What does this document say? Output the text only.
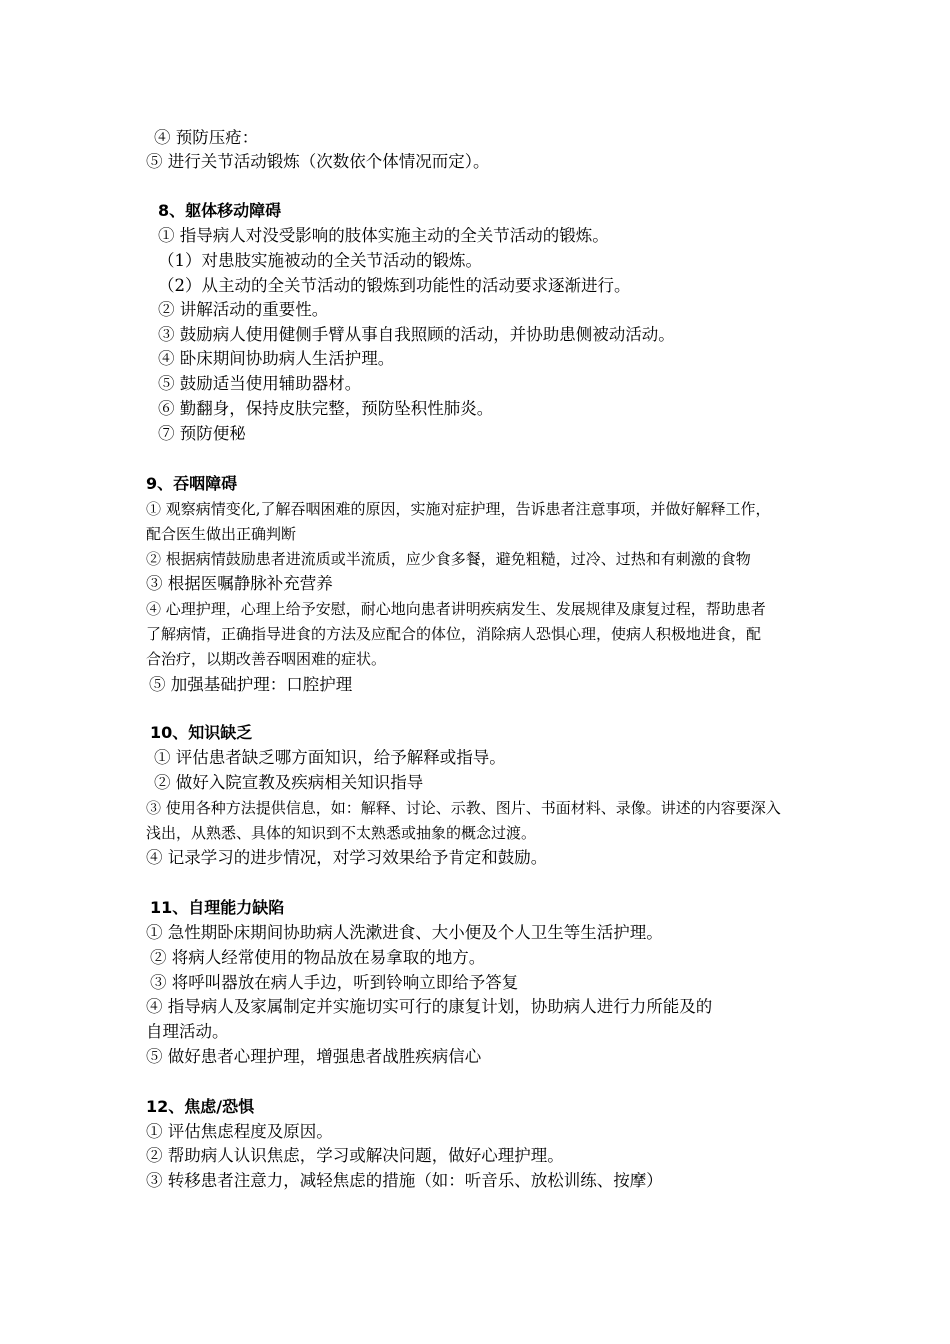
④ 预防压疮：
⑤ 进行关节活动锻炼（次数依个体情况而定）。
8、躯体移动障碍
① 指导病人对没受影响的肢体实施主动的全关节活动的锻炼。
（1）对患肢实施被动的全关节活动的锻炼。
（2）从主动的全关节活动的锻炼到功能性的活动要求逐渐进行。
② 讲解活动的重要性。
③ 鼓励病人使用健侧手臂从事自我照顾的活动，并协助患侧被动活动。
④ 卧床期间协助病人生活护理。
⑤ 鼓励适当使用辅助器材。
⑥ 勤翻身，保持皮肤完整，预防坠积性肺炎。
⑦ 预防便秘
9、吞咽障碍
① 观察病情变化,了解吞咽困难的原因，实施对症护理，告诉患者注意事项，并做好解释工作，
配合医生做出正确判断
② 根据病情鼓励患者进流质或半流质，应少食多餐，避免粗糙，过冷、过热和有刺激的食物
③ 根据医嘱静脉补充营养
④ 心理护理，心理上给予安慰，耐心地向患者讲明疾病发生、发展规律及康复过程，帮助患者
了解病情，正确指导进食的方法及应配合的体位，消除病人恐惧心理，使病人积极地进食，配
合治疗，以期改善吞咽困难的症状。
⑤ 加强基础护理：口腔护理
10、知识缺乏
① 评估患者缺乏哪方面知识，给予解释或指导。
② 做好入院宣教及疾病相关知识指导
③ 使用各种方法提供信息，如：解释、讨论、示教、图片、书面材料、录像。讲述的内容要深入
浅出，从熟悉、具体的知识到不太熟悉或抽象的概念过渡。
④ 记录学习的进步情况，对学习效果给予肯定和鼓励。
11、自理能力缺陷
① 急性期卧床期间协助病人洗漱进食、大小便及个人卫生等生活护理。
② 将病人经常使用的物品放在易拿取的地方。
③ 将呼叫器放在病人手边，听到铃响立即给予答复
④ 指导病人及家属制定并实施切实可行的康复计划，协助病人进行力所能及的
自理活动。
⑤ 做好患者心理护理，增强患者战胜疾病信心
12、焦虑/恐惧
① 评估焦虑程度及原因。
② 帮助病人认识焦虑，学习或解决问题，做好心理护理。
③ 转移患者注意力，减轻焦虑的措施（如：听音乐、放松训练、按摩）
